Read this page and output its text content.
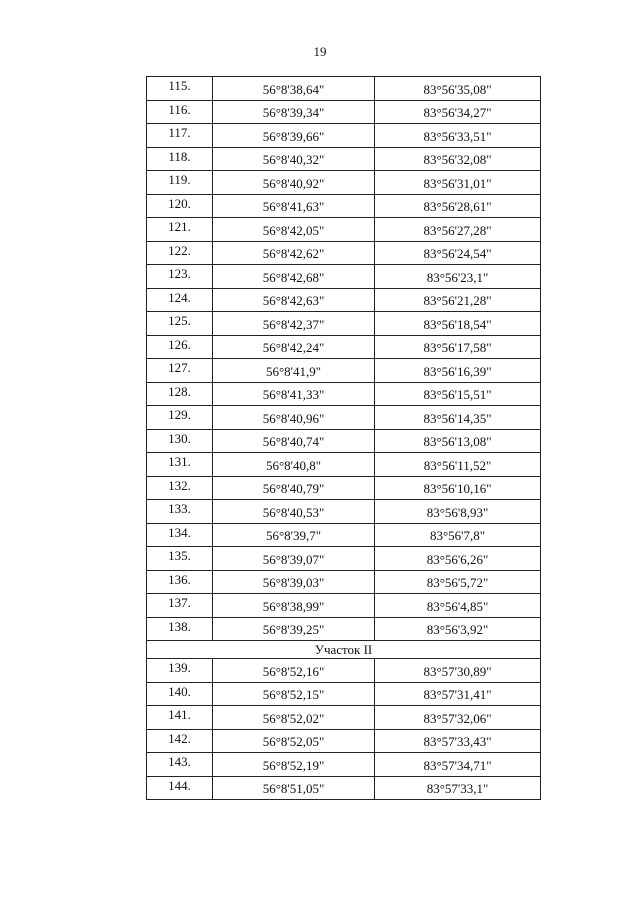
19
115.	56°8'38,64"	83°56'35,08"
116.	56°8'39,34"	83°56'34,27"
117.	56°8'39,66"	83°56'33,51"
118.	56°8'40,32"	83°56'32,08"
119.	56°8'40,92"	83°56'31,01"
120.	56°8'41,63"	83°56'28,61"
121.	56°8'42,05"	83°56'27,28"
122.	56°8'42,62"	83°56'24,54"
123.	56°8'42,68"	83°56'23,1"
124.	56°8'42,63"	83°56'21,28"
125.	56°8'42,37"	83°56'18,54"
126.	56°8'42,24"	83°56'17,58"
127.	56°8'41,9"	83°56'16,39"
128.	56°8'41,33"	83°56'15,51"
129.	56°8'40,96"	83°56'14,35"
130.	56°8'40,74"	83°56'13,08"
131.	56°8'40,8"	83°56'11,52"
132.	56°8'40,79"	83°56'10,16"
133.	56°8'40,53"	83°56'8,93"
134.	56°8'39,7"	83°56'7,8"
135.	56°8'39,07"	83°56'6,26"
136.	56°8'39,03"	83°56'5,72"
137.	56°8'38,99"	83°56'4,85"
138.	56°8'39,25"	83°56'3,92"
Участок II		
139.	56°8'52,16"	83°57'30,89"
140.	56°8'52,15"	83°57'31,41"
141.	56°8'52,02"	83°57'32,06"
142.	56°8'52,05"	83°57'33,43"
143.	56°8'52,19"	83°57'34,71"
144.	56°8'51,05"	83°57'33,1"
